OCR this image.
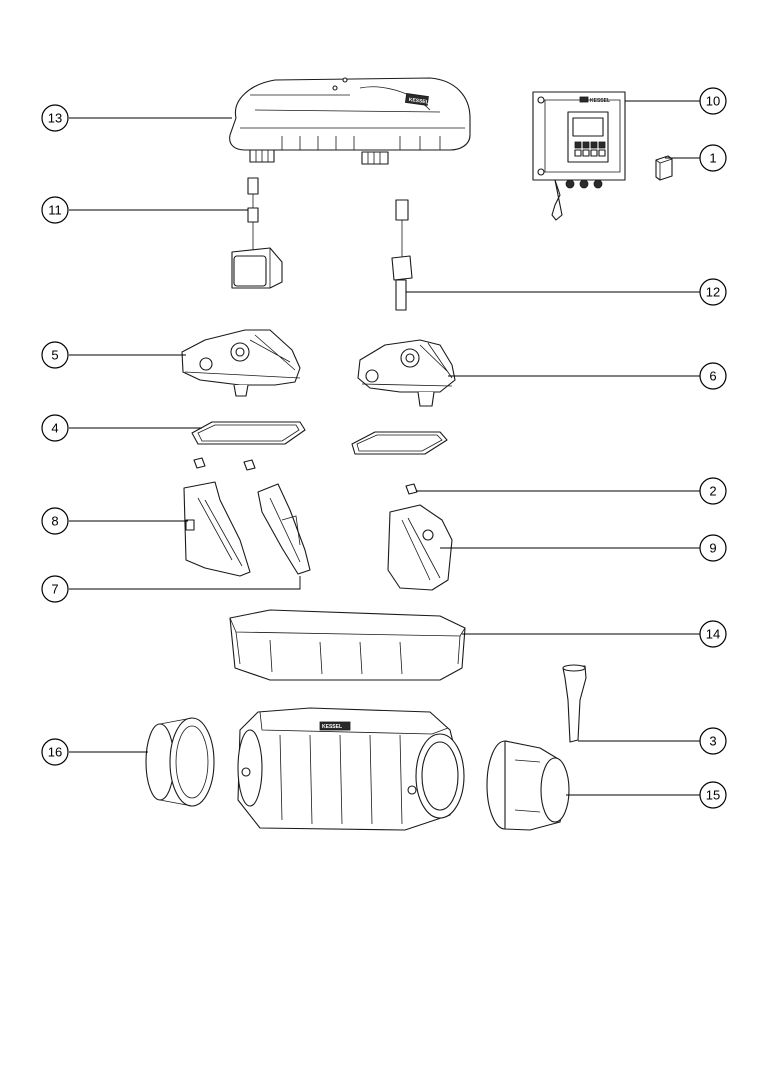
KESSEL	KESSEL
KESSEL
13
10
1
11
12
5
6
4
2
8
9
7
14
3
16
15
